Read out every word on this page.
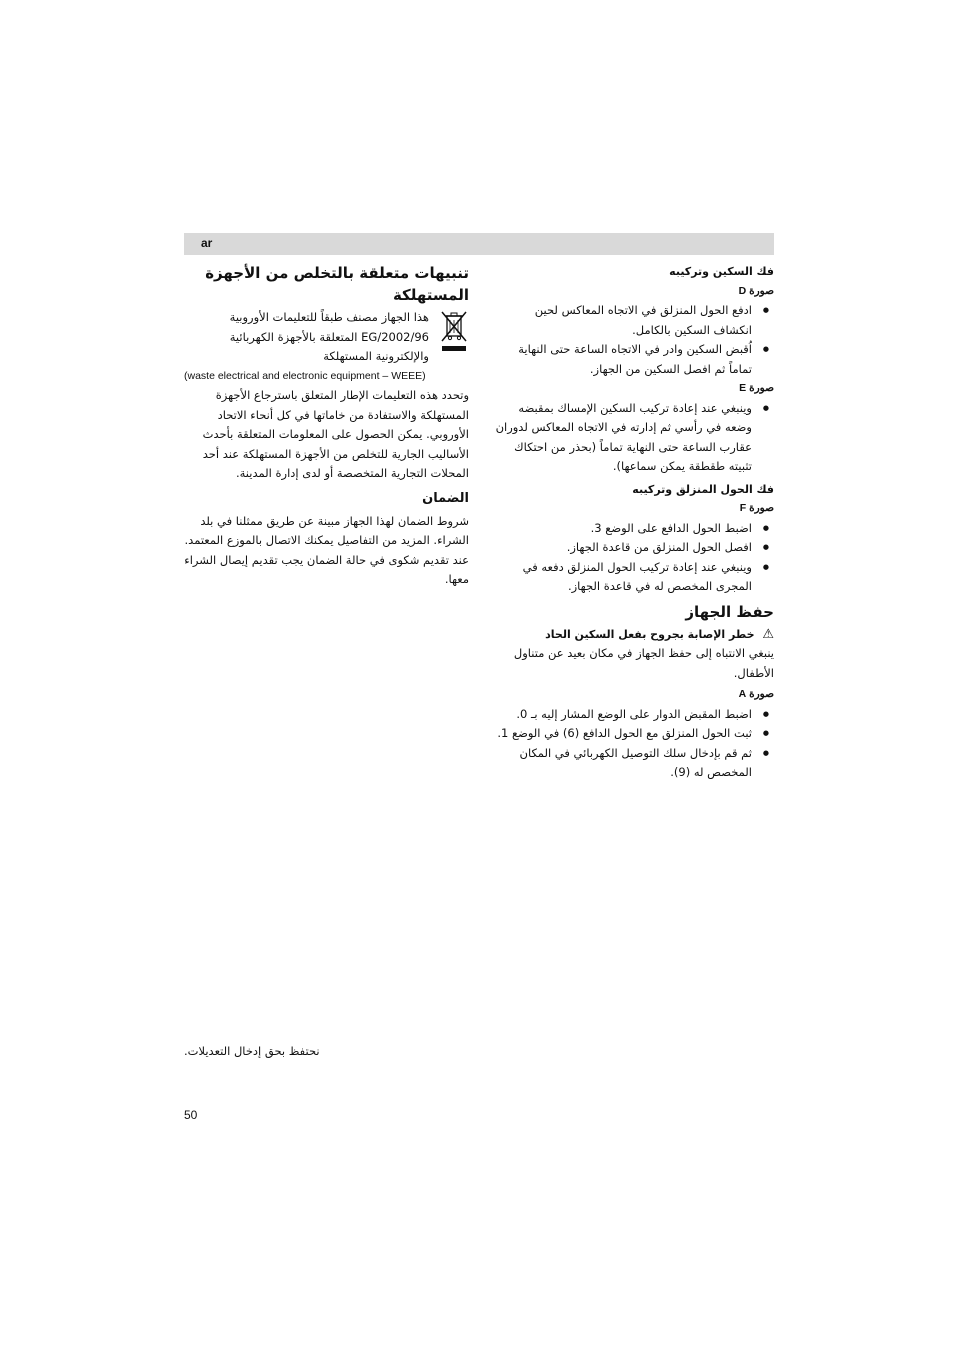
ar
فك السكين وتركيبه
صورة D
● ادفع الحول المنزلق في الاتجاه المعاكس لحين انكشاف السكين بالكامل.
● اُقبض السكين وادر في الاتجاه الساعة حتى النهاية تماماً ثم افصل السكين من الجهاز.
صورة E
● وينبغي عند إعادة تركيب السكين الإمساك بمقبضه وضعه في رأسي ثم إدارته في الاتجاه المعاكس لدوران عقارب الساعة حتى النهاية تماماً (بحذر من احتكاك تثبيته طقطقة يمكن سماعها).
فك الحول المنزلق وتركيبه
صورة F
● اضبط الحول الدافع على الوضع 3.
● افصل الحول المنزلق من قاعدة الجهاز.
● وينبغي عند إعادة تركيب الحول المنزلق دفعه في المجرى المخصص له في قاعدة الجهاز.
حفظ الجهاز
⚠ خطر الإصابة بجروح بفعل السكين الحاد

ينبغي الانتباه إلى حفظ الجهاز في مكان بعيد عن متناول الأطفال.

صورة A
● اضبط المقبض الدوار على الوضع المشار إليه بـ 0.
● ثبت الحول المنزلق مع الحول الدافع (6) في الوضع 1.
● ثم قم بإدخال سلك التوصيل الكهربائي في المكان المخصص له (9).
تنبيهات متعلقة بالتخلص من الأجهزة المستهلكة
هذا الجهاز مصنف طبقاً للتعليمات الأوروبية
2002/96/EG المتعلقة بالأجهزة الكهربائية
والإلكترونية المستهلكة
(waste electrical and electronic equipment – WEEE)

وتحدد هذه التعليمات الإطار المتعلق باسترجاع الأجهزة المستهلكة والاستفادة من خاماتها في كل أنحاء الاتحاد الأوروبي. يمكن الحصول على المعلومات المتعلقة بأحدث الأساليب الجارية للتخلص من الأجهزة المستهلكة عند أحد المحلات التجارية المتخصصة أو لدى إدارة المدينة.

الضمان

شروط الضمان لهذا الجهاز مبينة عن طريق ممثلنا في بلد الشراء. المزيد من التفاصيل يمكنك الاتصال بالموزع المعتمد. عند تقديم شكوى في حالة الضمان يجب تقديم إيصال الشراء معها.

نحتفظ بحق إدخال التعديلات.
50
